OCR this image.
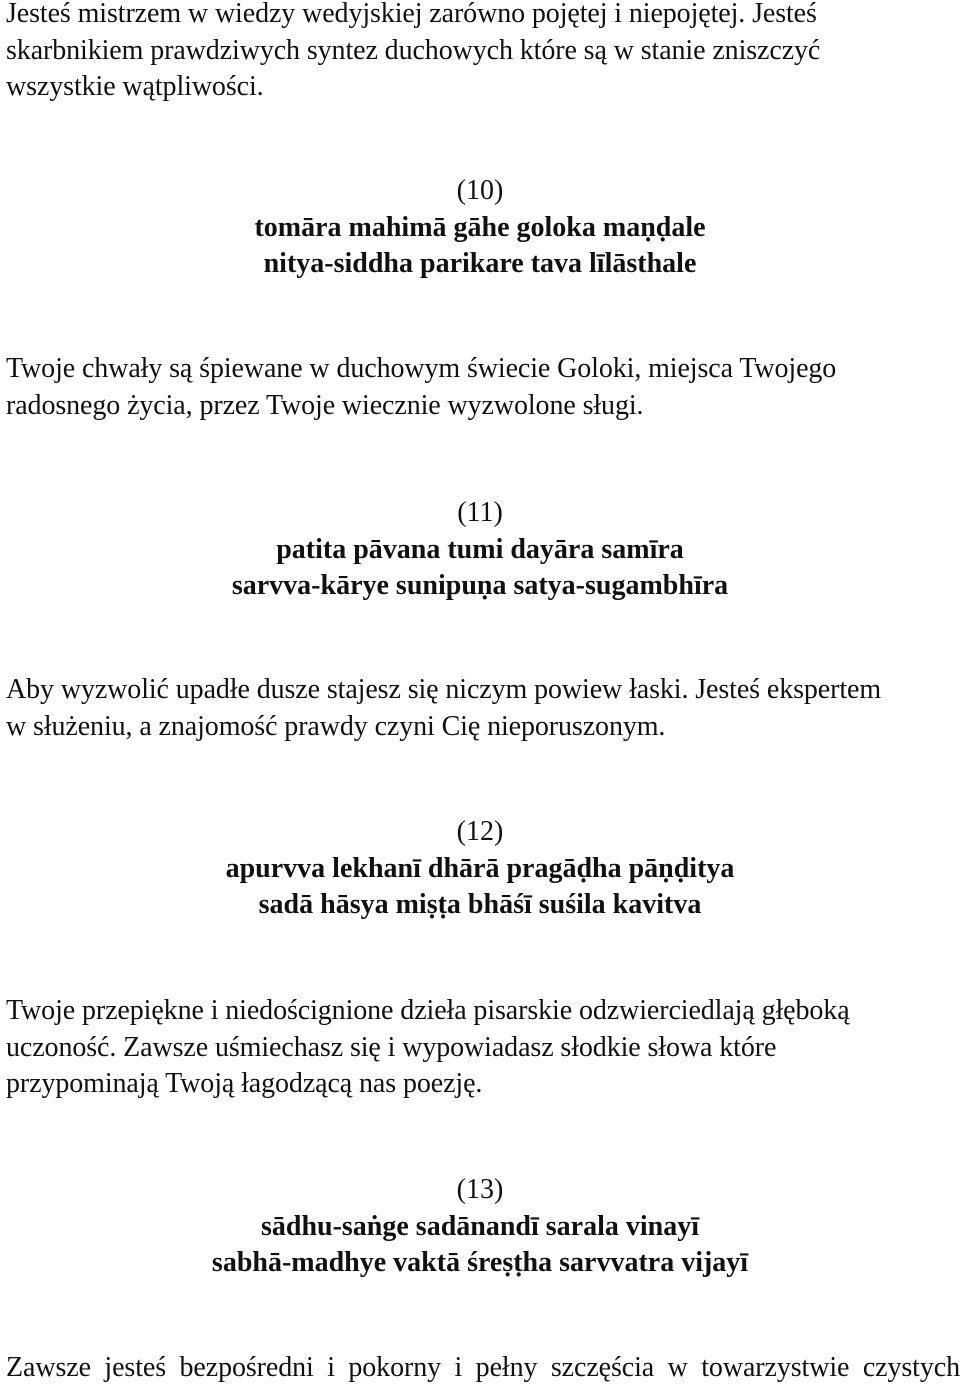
Jesteś mistrzem w wiedzy wedyjskiej zarówno pojętej i niepojętej. Jesteś
skarbnikiem prawdziwych syntez duchowych które są w stanie zniszczyć
wszystkie wątpliwości.
(10)
tomāra mahimā gāhe goloka maṇḍale
nitya-siddha parikare tava līlāsthale
Twoje chwały są śpiewane w duchowym świecie Goloki, miejsca Twojego
radosnego życia, przez Twoje wiecznie wyzwolone sługi.
(11)
patita pāvana tumi dayāra samīra
sarvva-kārye sunipuṇa satya-sugambhīra
Aby wyzwolić upadłe dusze stajesz się niczym powiew łaski. Jesteś ekspertem
w służeniu, a znajomość prawdy czyni Cię nieporuszonym.
(12)
apurvva lekhanī dhārā pragāḍha pāṇḍitya
sadā hāsya miṣṭa bhāśī suśila kavitva
Twoje przepiękne i niedoścignione dzieła pisarskie odzwierciedlają głęboką
uczoność. Zawsze uśmiechasz się i wypowiadasz słodkie słowa które
przypominają Twoją łagodzącą nas poezję.
(13)
sādhu-saṅge sadānandī sarala vinayī
sabhā-madhye vaktā śreṣṭha sarvvatra vijayī
Zawsze jesteś bezpośredni i pokorny i pełny szczęścia w towarzystwie czystych
